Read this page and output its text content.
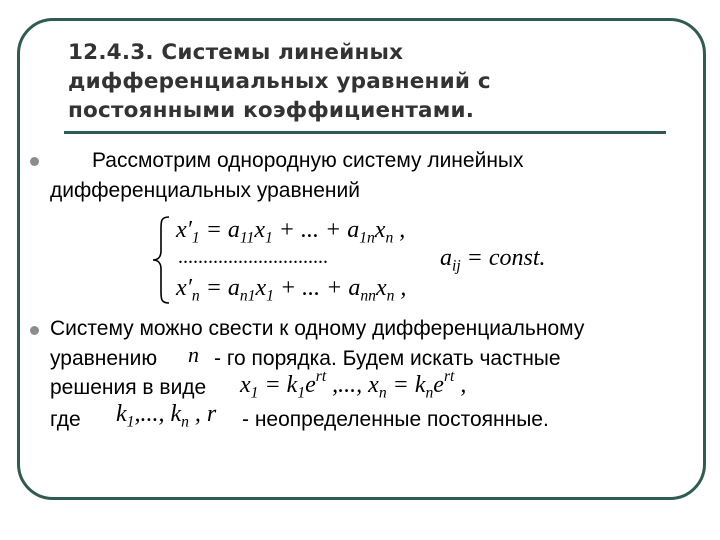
12.4.3. Системы линейных дифференциальных уравнений с постоянными коэффициентами.
Рассмотрим однородную систему линейных
дифференциальных уравнений
$x'_1 = a_{11}x_1$ + ... + $a_{1n}x_n$ ,
..............................
$x'_n = a_{n1}x_1$ + ... + $a_{nn}x_n$ ,
$a_{ij}$ = const.
Систему можно свести к одному дифференциальному
уравнению n - го порядка. Будем искать частные
решения в виде $x_1 = k_1e^{rt}$ ,..., $x_n = k_ne^{rt}$ ,
где $k_1$,..., $k_n$ , r - неопределенные постоянные.
